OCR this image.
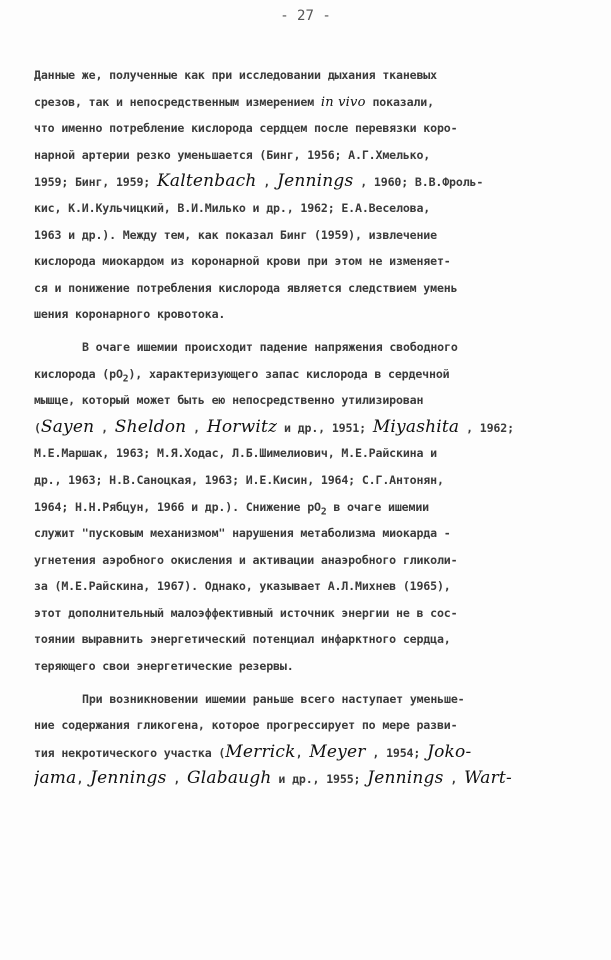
- 27 -
Данные же, полученные как при исследовании дыхания тканевых
срезов, так и непосредственным измерением in vivo показали,
что именно потребление кислорода сердцем после перевязки коро-
нарной артерии резко уменьшается (Бинг, 1956; А.Г.Хмелько,
1959; Бинг, 1959; Kaltenbach , Jennings , 1960; В.В.Фроль-
кис, К.И.Кульчицкий, В.И.Милько и др., 1962; Е.А.Веселова,
1963 и др.). Между тем, как показал Бинг (1959), извлечение
кислорода миокардом из коронарной крови при этом не изменяет-
ся и понижение потребления кислорода является следствием умень
шения коронарного кровотока.
В очаге ишемии происходит падение напряжения свободного
кислорода $(pO_2)$, характеризующего запас кислорода в сердечной
мышце, который может быть ею непосредственно утилизирован
(Sayen , Sheldon , Horwitz и др., 1951; Miyashita , 1962;
М.Е.Маршак, 1963; М.Я.Ходас, Л.Б.Шимелиович, М.Е.Райскина и
др., 1963; Н.В.Саноцкая, 1963; И.Е.Кисин, 1964; С.Г.Антонян,
1964; Н.Н.Рябцун, 1966 и др.). Снижение $pO_2$ в очаге ишемии
служит "пусковым механизмом" нарушения метаболизма миокарда -
угнетения аэробного окисления и активации анаэробного гликоли-
за (М.Е.Райскина, 1967). Однако, указывает А.Л.Михнев (1965),
этот дополнительный малоэффективный источник энергии не в сос-
тоянии выравнить энергетический потенциал инфарктного сердца,
теряющего свои энергетические резервы.
При возникновении ишемии раньше всего наступает уменьше-
ние содержания гликогена, которое прогрессирует по мере разви-
тия некротического участка (Merrick, Meyer , 1954; Joko-
jama, Jennings , Glabaugh и др., 1955; Jennings , Wart-
